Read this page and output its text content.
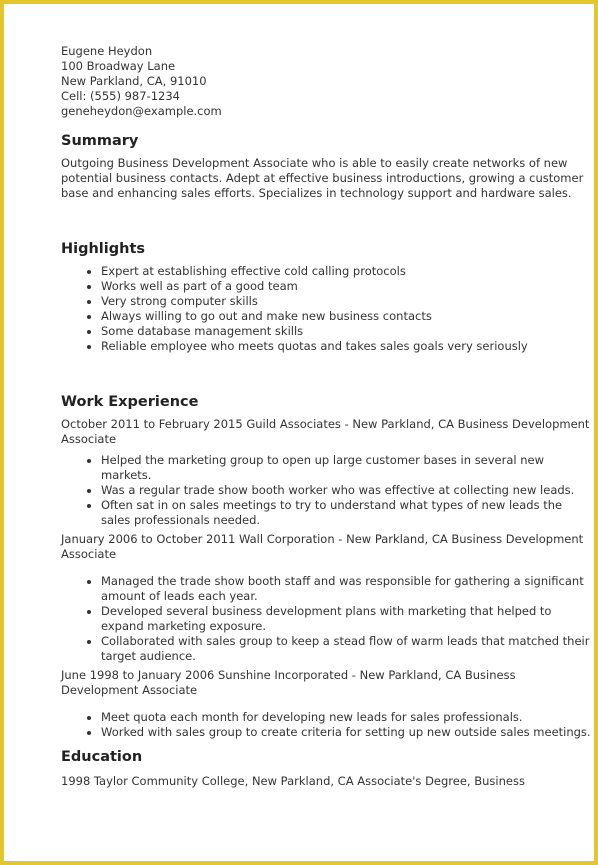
Eugene Heydon
100 Broadway Lane
New Parkland, CA, 91010
Cell: (555) 987-1234
geneheydon@example.com
Summary

Outgoing Business Development Associate who is able to easily create networks of new potential business contacts. Adept at effective business introductions, growing a customer base and enhancing sales efforts. Specializes in technology support and hardware sales.

Highlights
• Expert at establishing effective cold calling protocols
• Works well as part of a good team
• Very strong computer skills
• Always willing to go out and make new business contacts
• Some database management skills
• Reliable employee who meets quotas and takes sales goals very seriously
Work Experience

October 2011 to February 2015 Guild Associates - New Parkland, CA Business Development Associate

• Helped the marketing group to open up large customer bases in several new markets.
• Was a regular trade show booth worker who was effective at collecting new leads.
• Often sat in on sales meetings to try to understand what types of new leads the sales professionals needed.

January 2006 to October 2011 Wall Corporation - New Parkland, CA Business Development Associate

• Managed the trade show booth staff and was responsible for gathering a significant amount of leads each year.
• Developed several business development plans with marketing that helped to expand marketing exposure.
• Collaborated with sales group to keep a stead flow of warm leads that matched their target audience.

June 1998 to January 2006 Sunshine Incorporated - New Parkland, CA Business Development Associate

• Meet quota each month for developing new leads for sales professionals.
• Worked with sales group to create criteria for setting up new outside sales meetings.
Education

1998 Taylor Community College, New Parkland, CA Associate's Degree, Business
